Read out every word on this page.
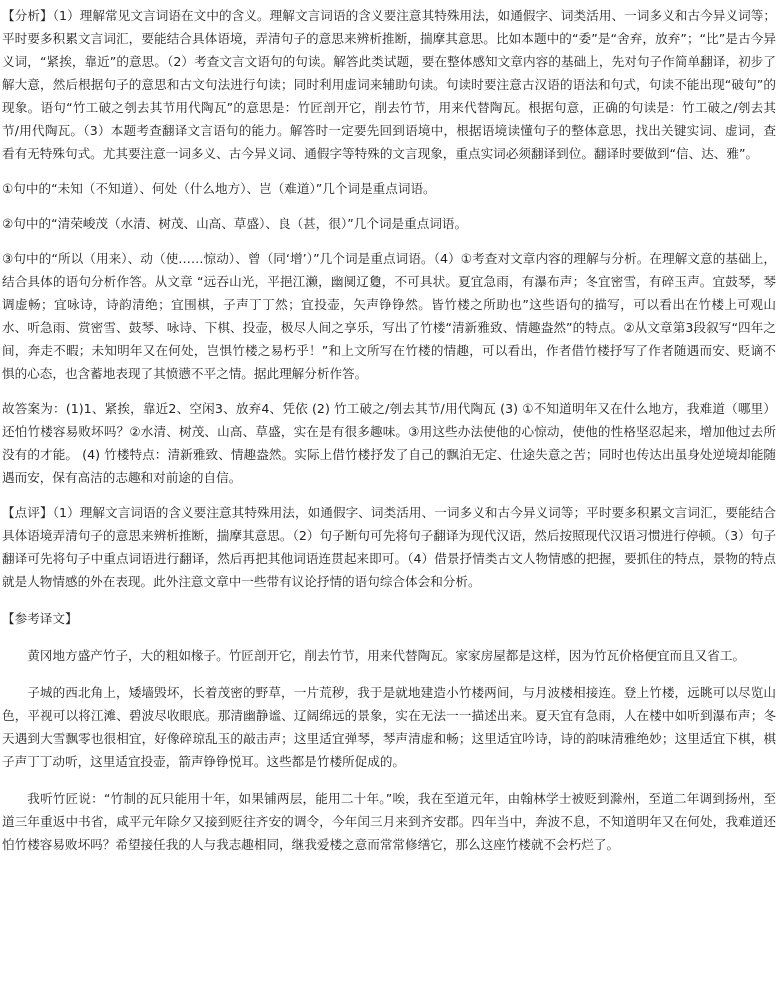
【分析】（1）理解常见文言词语在文中的含义。理解文言词语的含义要注意其特殊用法，如通假字、词类活用、一词多义和古今异义词等；平时要多积累文言词汇，要能结合具体语境，弄清句子的意思来辨析推断，揣摩其意思。比如本题中的“委”是“舍弃，放弃”；“比”是古今异义词，“紧挨，靠近”的意思。（2）考查文言文语句的句读。解答此类试题，要在整体感知文章内容的基础上，先对句子作简单翻译，初步了解大意，然后根据句子的意思和古文句法进行句读；同时利用虚词来辅助句读。句读时要注意古汉语的语法和句式，句读不能出现“破句”的现象。语句“竹工破之刳去其节用代陶瓦”的意思是：竹匠剖开它，削去竹节，用来代替陶瓦。根据句意，正确的句读是：竹工破之/刳去其节/用代陶瓦。（3）本题考查翻译文言语句的能力。解答时一定要先回到语境中，根据语境读懂句子的整体意思，找出关键实词、虚词，查看有无特殊句式。尤其要注意一词多义、古今异义词、通假字等特殊的文言现象，重点实词必须翻译到位。翻译时要做到“信、达、雅”。

①句中的“未知（不知道）、何处（什么地方）、岂（难道）”几个词是重点词语。

②句中的“清荣峻茂（水清、树茂、山高、草盛）、良（甚，很）”几个词是重点词语。

③句中的“所以（用来）、动（使……惊动）、曾（同‘增’）”几个词是重点词语。（4）①考查对文章内容的理解与分析。在理解文意的基础上，结合具体的语句分析作答。从文章 “远吞山光，平挹江濑，幽阒辽敻，不可具状。夏宜急雨，有瀑布声；冬宜密雪，有碎玉声。宜鼓琴，琴调虚畅；宜咏诗，诗韵清绝；宜围棋，子声丁丁然；宜投壶，矢声铮铮然。皆竹楼之所助也”这些语句的描写，可以看出在竹楼上可观山水、听急雨、赏密雪、鼓琴、咏诗、下棋、投壶，极尽人间之享乐，写出了竹楼“清新雅致、情趣盎然”的特点。②从文章第3段叙写“四年之间，奔走不暇；未知明年又在何处，岂惧竹楼之易朽乎！”和上文所写在竹楼的情趣，可以看出，作者借竹楼抒写了作者随遇而安、贬谪不惧的心态，也含蓄地表现了其愤懑不平之情。据此理解分析作答。

故答案为：(1)1、紧挨，靠近2、空闲3、放弃4、凭依 (2) 竹工破之/刳去其节/用代陶瓦 (3) ①不知道明年又在什么地方，我难道（哪里）还怕竹楼容易败坏吗？②水清、树茂、山高、草盛，实在是有很多趣味。③用这些办法使他的心惊动，使他的性格坚忍起来，增加他过去所没有的才能。 (4) 竹楼特点：清新雅致、情趣盎然。实际上借竹楼抒发了自己的飘泊无定、仕途失意之苦；同时也传达出虽身处逆境却能随遇而安，保有高洁的志趣和对前途的自信。

【点评】（1）理解文言词语的含义要注意其特殊用法，如通假字、词类活用、一词多义和古今异义词等；平时要多积累文言词汇，要能结合具体语境弄清句子的意思来辨析推断，揣摩其意思。（2）句子断句可先将句子翻译为现代汉语，然后按照现代汉语习惯进行停顿。（3）句子翻译可先将句子中重点词语进行翻译，然后再把其他词语连贯起来即可。（4）借景抒情类古文人物情感的把握，要抓住的特点，景物的特点就是人物情感的外在表现。此外注意文章中一些带有议论抒情的语句综合体会和分析。

【参考译文】

黄冈地方盛产竹子，大的粗如椽子。竹匠剖开它，削去竹节，用来代替陶瓦。家家房屋都是这样，因为竹瓦价格便宜而且又省工。

子城的西北角上，矮墙毁坏，长着茂密的野草，一片荒秽，我于是就地建造小竹楼两间，与月波楼相接连。登上竹楼，远眺可以尽览山色，平视可以将江滩、碧波尽收眼底。那清幽静谧、辽阔绵远的景象，实在无法一一描述出来。夏天宜有急雨，人在楼中如听到瀑布声；冬天遇到大雪飘零也很相宜，好像碎琼乱玉的敲击声；这里适宜弹琴，琴声清虚和畅；这里适宜吟诗，诗的韵味清雅绝妙；这里适宜下棋，棋子声丁丁动听，这里适宜投壶，箭声铮铮悦耳。这些都是竹楼所促成的。

我听竹匠说：“竹制的瓦只能用十年，如果铺两层，能用二十年。”唉，我在至道元年，由翰林学士被贬到滁州，至道二年调到扬州，至道三年重返中书省，咸平元年除夕又接到贬往齐安的调令，今年闰三月来到齐安郡。四年当中，奔波不息，不知道明年又在何处，我难道还怕竹楼容易败坏吗？希望接任我的人与我志趣相同，继我爱楼之意而常常修缮它，那么这座竹楼就不会朽烂了。
